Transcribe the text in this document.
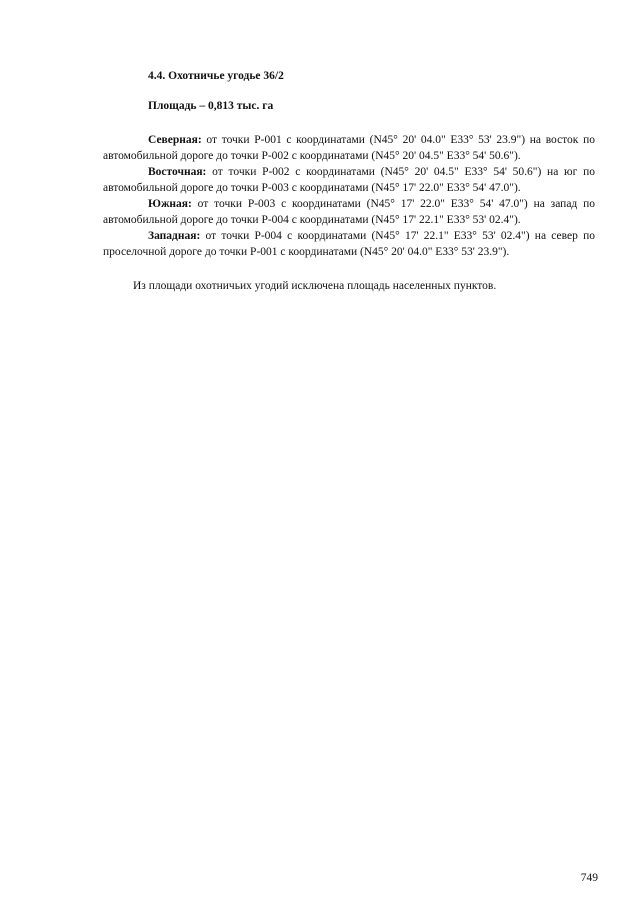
4.4. Охотничье угодье 36/2

Площадь – 0,813 тыс. га

Северная: от точки Р-001 с координатами (N45° 20' 04.0" E33° 53' 23.9") на восток по автомобильной дороге до точки Р-002 с координатами (N45° 20' 04.5" E33° 54' 50.6").

Восточная: от точки Р-002 с координатами (N45° 20' 04.5" E33° 54' 50.6") на юг по автомобильной дороге до точки Р-003 с координатами (N45° 17' 22.0" E33° 54' 47.0").

Южная: от точки Р-003 с координатами (N45° 17' 22.0" E33° 54' 47.0") на запад по автомобильной дороге до точки Р-004 с координатами (N45° 17' 22.1" E33° 53' 02.4").

Западная: от точки Р-004 с координатами (N45° 17' 22.1" E33° 53' 02.4") на север по проселочной дороге до точки Р-001 с координатами (N45° 20' 04.0" E33° 53' 23.9").

Из площади охотничьих угодий исключена площадь населенных пунктов.

749
